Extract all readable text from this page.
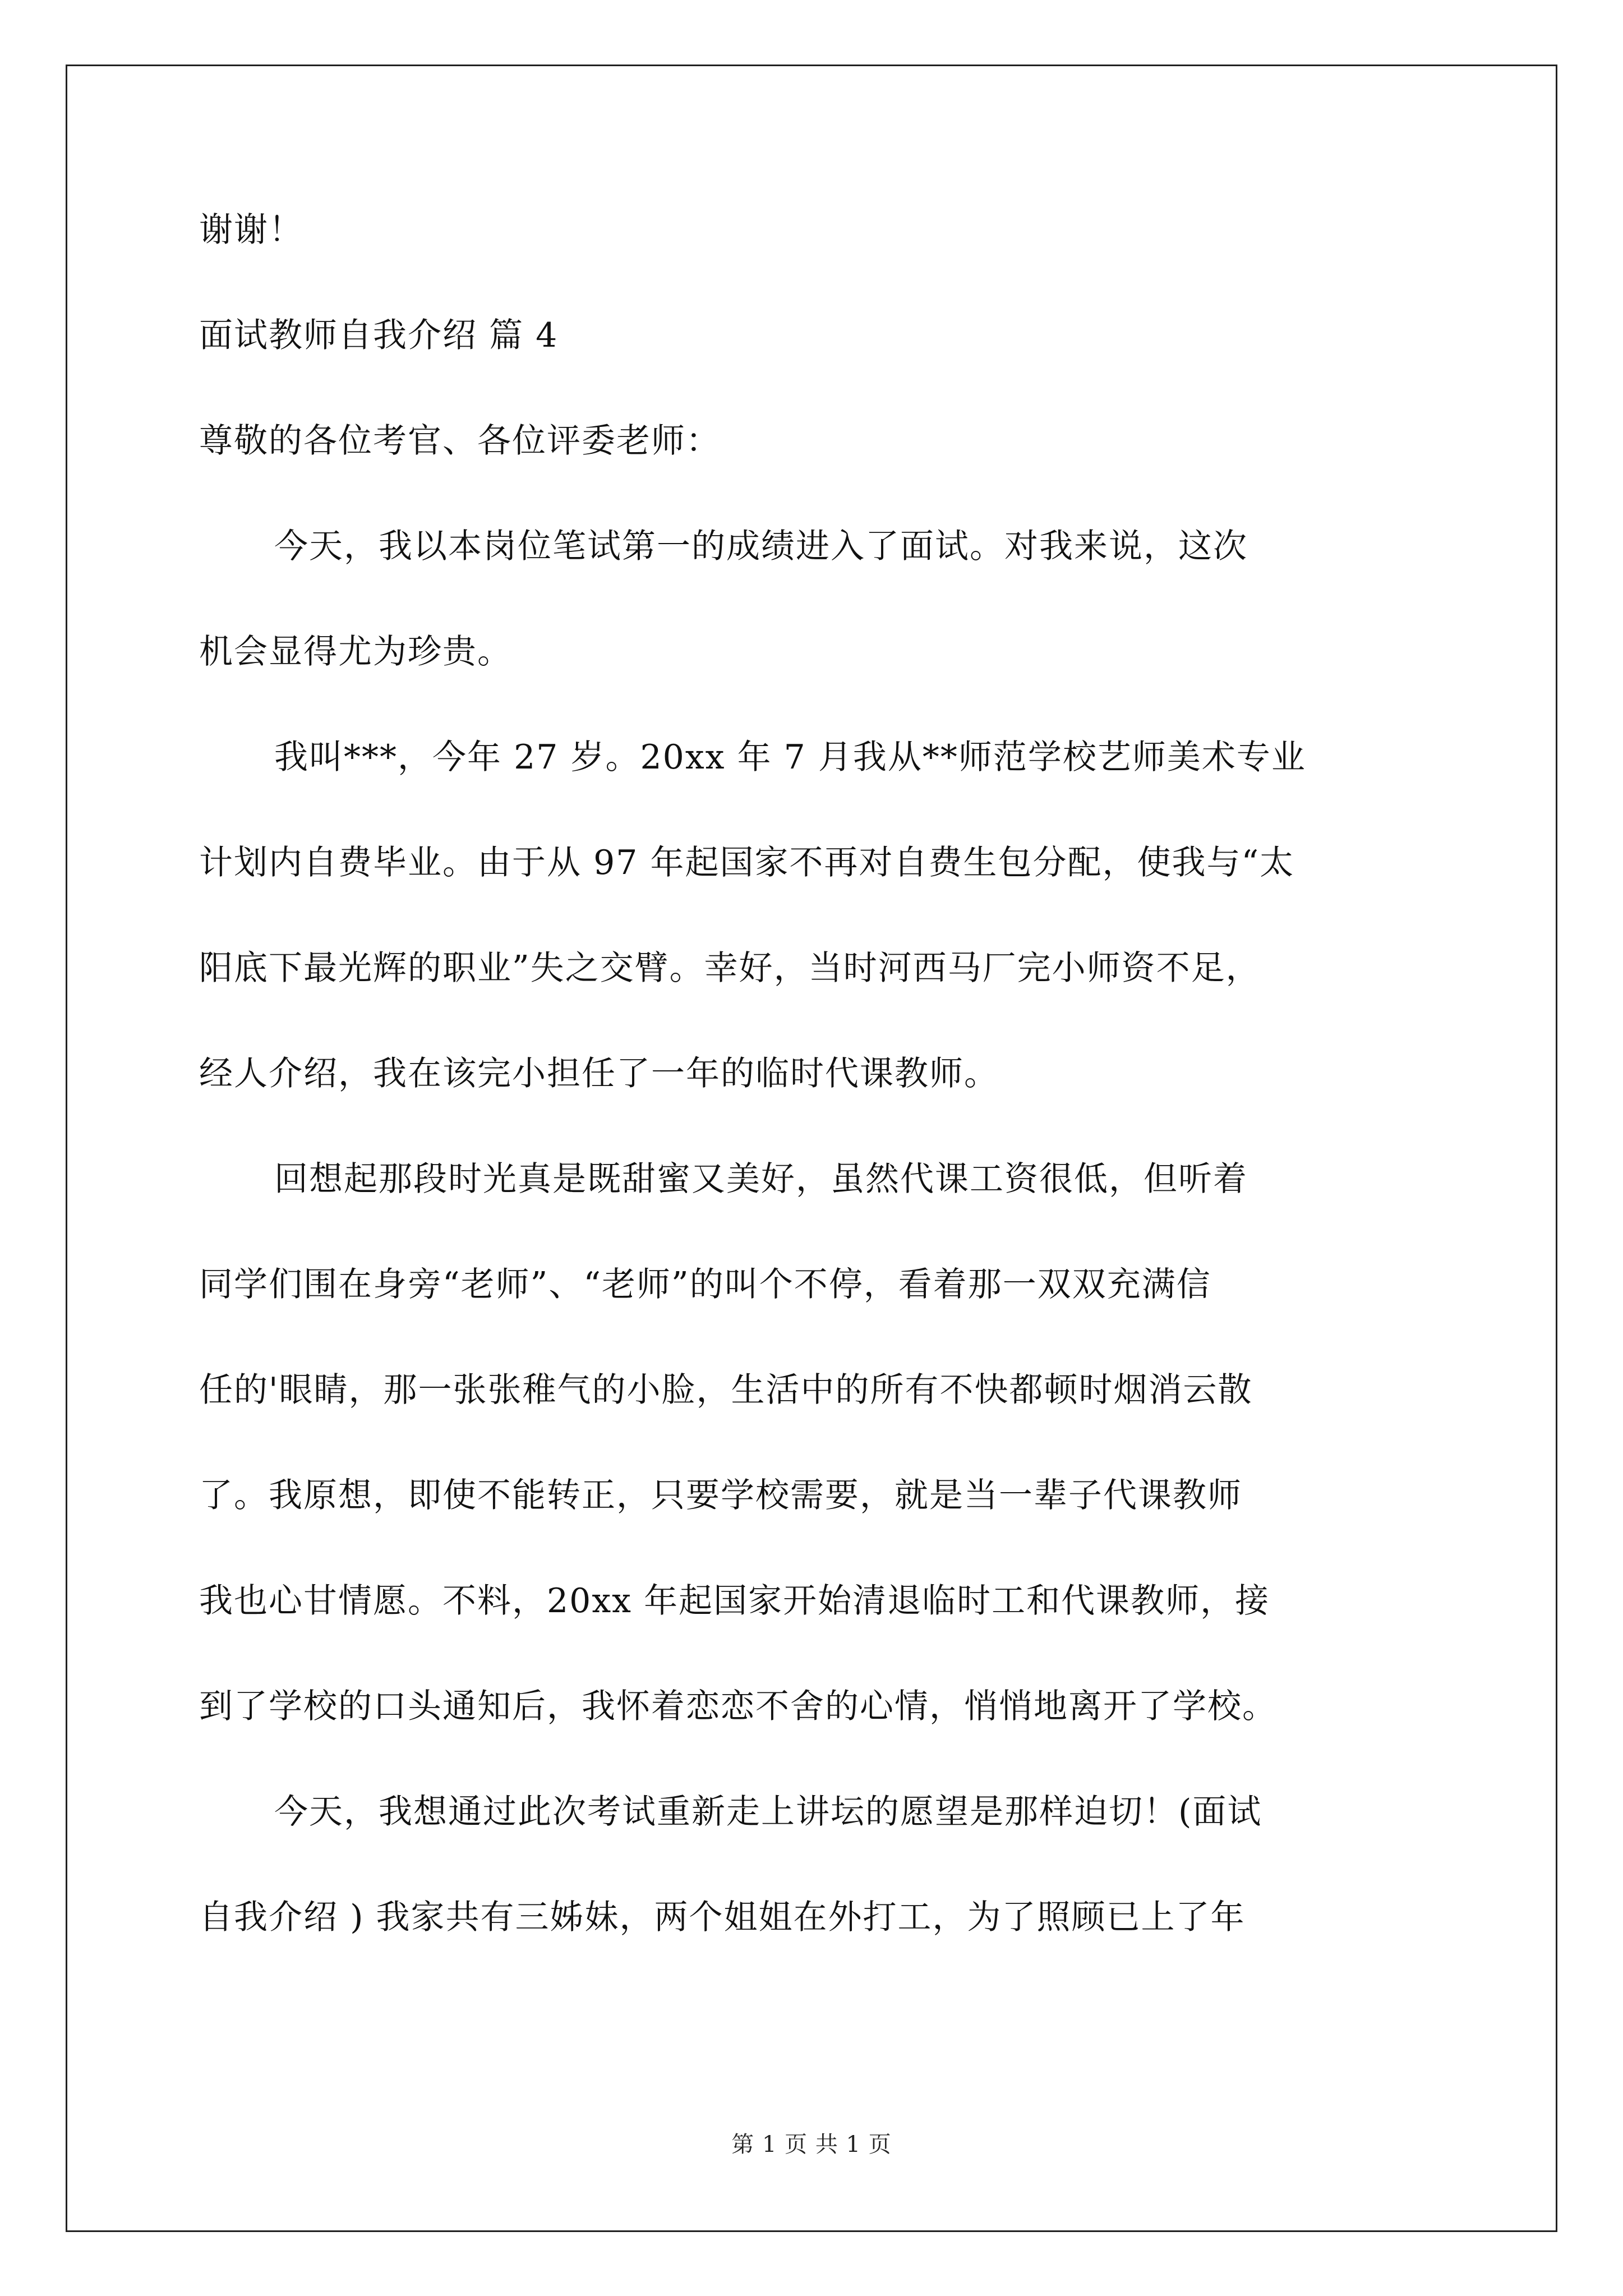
谢谢！
面试教师自我介绍 篇 4
尊敬的各位考官、各位评委老师：
今天，我以本岗位笔试第一的成绩进入了面试。对我来说，这次
机会显得尤为珍贵。
我叫***，今年 27 岁。20xx 年 7 月我从**师范学校艺师美术专业
计划内自费毕业。由于从 97 年起国家不再对自费生包分配，使我与“太
阳底下最光辉的职业”失之交臂。幸好，当时河西马厂完小师资不足，
经人介绍，我在该完小担任了一年的临时代课教师。
回想起那段时光真是既甜蜜又美好，虽然代课工资很低，但听着
同学们围在身旁“老师”、“老师”的叫个不停，看着那一双双充满信
任的'眼睛，那一张张稚气的小脸，生活中的所有不快都顿时烟消云散
了。我原想，即使不能转正，只要学校需要，就是当一辈子代课教师
我也心甘情愿。不料，20xx 年起国家开始清退临时工和代课教师，接
到了学校的口头通知后，我怀着恋恋不舍的心情，悄悄地离开了学校。
今天，我想通过此次考试重新走上讲坛的愿望是那样迫切！(面试
自我介绍 ) 我家共有三姊妹，两个姐姐在外打工，为了照顾已上了年
第 1 页 共 1 页
